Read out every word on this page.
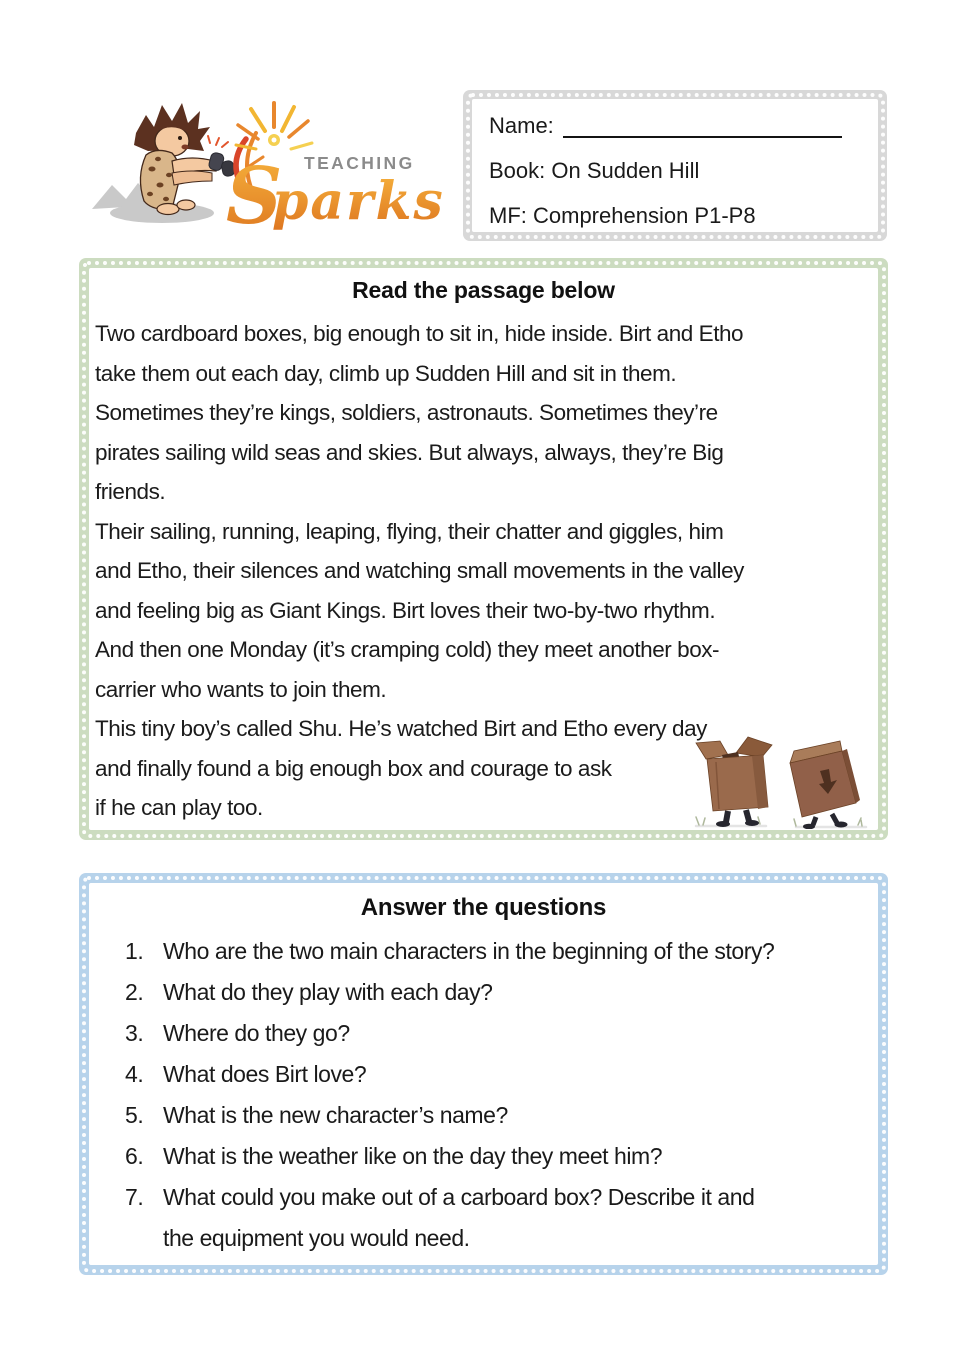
S TEACHING
parks
Name:
Book: On Sudden Hill
MF: Comprehension P1-P8
Read the passage below
Two cardboard boxes, big enough to sit in, hide inside. Birt and Etho
take them out each day, climb up Sudden Hill and sit in them.
Sometimes they’re kings, soldiers, astronauts. Sometimes they’re
pirates sailing wild seas and skies. But always, always, they’re Big
friends.
Their sailing, running, leaping, flying, their chatter and giggles, him
and Etho, their silences and watching small movements in the valley
and feeling big as Giant Kings. Birt loves their two-by-two rhythm.
And then one Monday (it’s cramping cold) they meet another box-
carrier who wants to join them.
This tiny boy’s called Shu. He’s watched Birt and Etho every day
and finally found a big enough box and courage to ask
if he can play too.
Answer the questions
1. Who are the two main characters in the beginning of the story?
2. What do they play with each day?
3. Where do they go?
4. What does Birt love?
5. What is the new character’s name?
6. What is the weather like on the day they meet him?
7. What could you make out of a carboard box? Describe it and
the equipment you would need.
